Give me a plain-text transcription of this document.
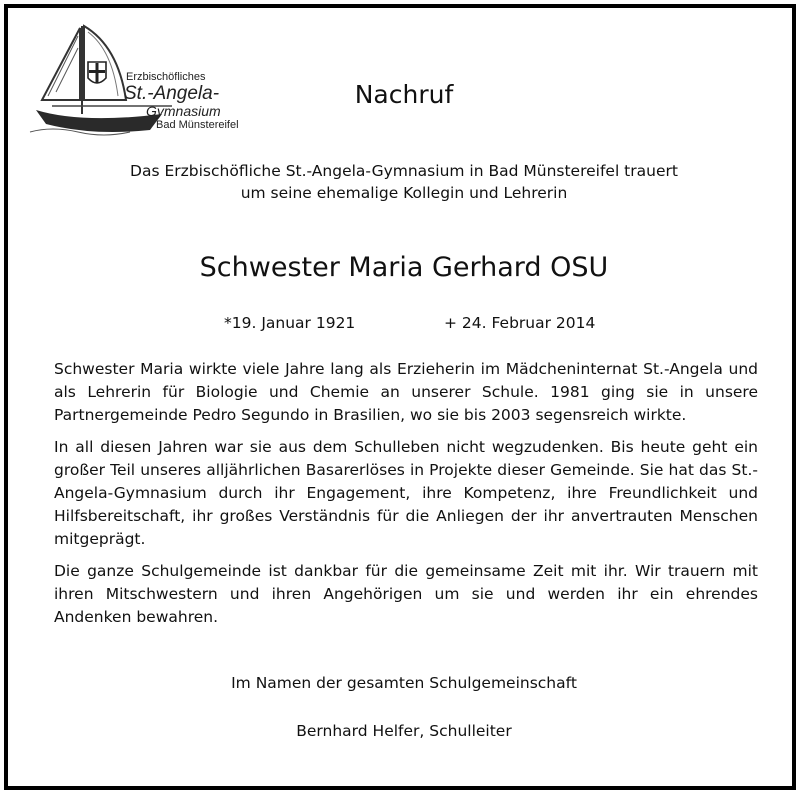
Erzbischöfliches
St.-Angela-
Gymnasium
Bad Münstereifel
Nachruf
Das Erzbischöfliche St.-Angela-Gymnasium in Bad Münstereifel trauert
um seine ehemalige Kollegin und Lehrerin
Schwester Maria Gerhard OSU
*19. Januar 1921	+ 24. Februar 2014

Schwester Maria wirkte viele Jahre lang als Erzieherin im Mädcheninternat St.-Angela und als Lehrerin für Biologie und Chemie an unserer Schule. 1981 ging sie in unsere Partnergemeinde Pedro Segundo in Brasilien, wo sie bis 2003 segensreich wirkte.

In all diesen Jahren war sie aus dem Schulleben nicht wegzudenken. Bis heute geht ein großer Teil unseres alljährlichen Basarerlöses in Projekte dieser Gemeinde. Sie hat das St.-Angela-Gymnasium durch ihr Engagement, ihre Kompetenz, ihre Freundlichkeit und Hilfsbereitschaft, ihr großes Verständnis für die Anliegen der ihr anvertrauten Menschen mitgeprägt.

Die ganze Schulgemeinde ist dankbar für die gemeinsame Zeit mit ihr. Wir trauern mit ihren Mitschwestern und ihren Angehörigen um sie und werden ihr ein ehrendes Andenken bewahren.

Im Namen der gesamten Schulgemeinschaft
Bernhard Helfer, Schulleiter
